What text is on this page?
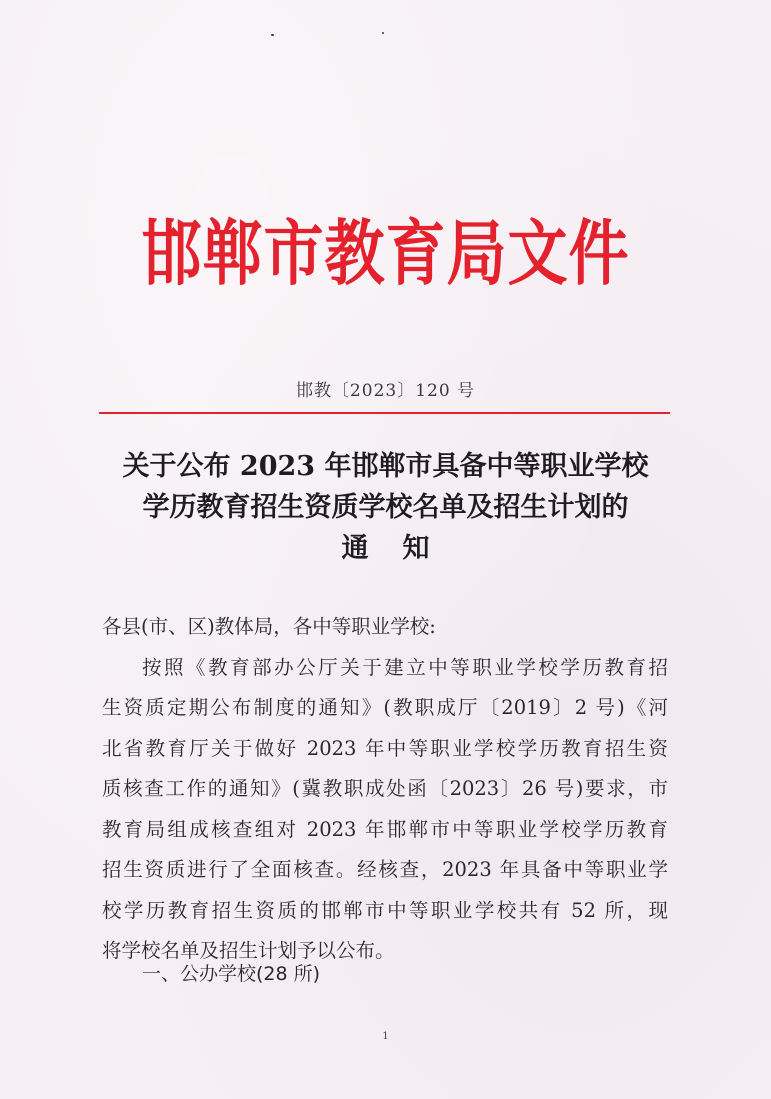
邯郸市教育局文件
邯教〔2023〕120 号
关于公布 2023 年邯郸市具备中等职业学校
学历教育招生资质学校名单及招生计划的
通知
各县(市、区)教体局，各中等职业学校:
按照《教育部办公厅关于建立中等职业学校学历教育招
生资质定期公布制度的通知》(教职成厅〔2019〕2 号)《河
北省教育厅关于做好 2023 年中等职业学校学历教育招生资
质核查工作的通知》(冀教职成处函〔2023〕26 号)要求，市
教育局组成核查组对 2023 年邯郸市中等职业学校学历教育
招生资质进行了全面核查。经核查，2023 年具备中等职业学
校学历教育招生资质的邯郸市中等职业学校共有 52 所，现
将学校名单及招生计划予以公布。
一、公办学校(28 所)
1
